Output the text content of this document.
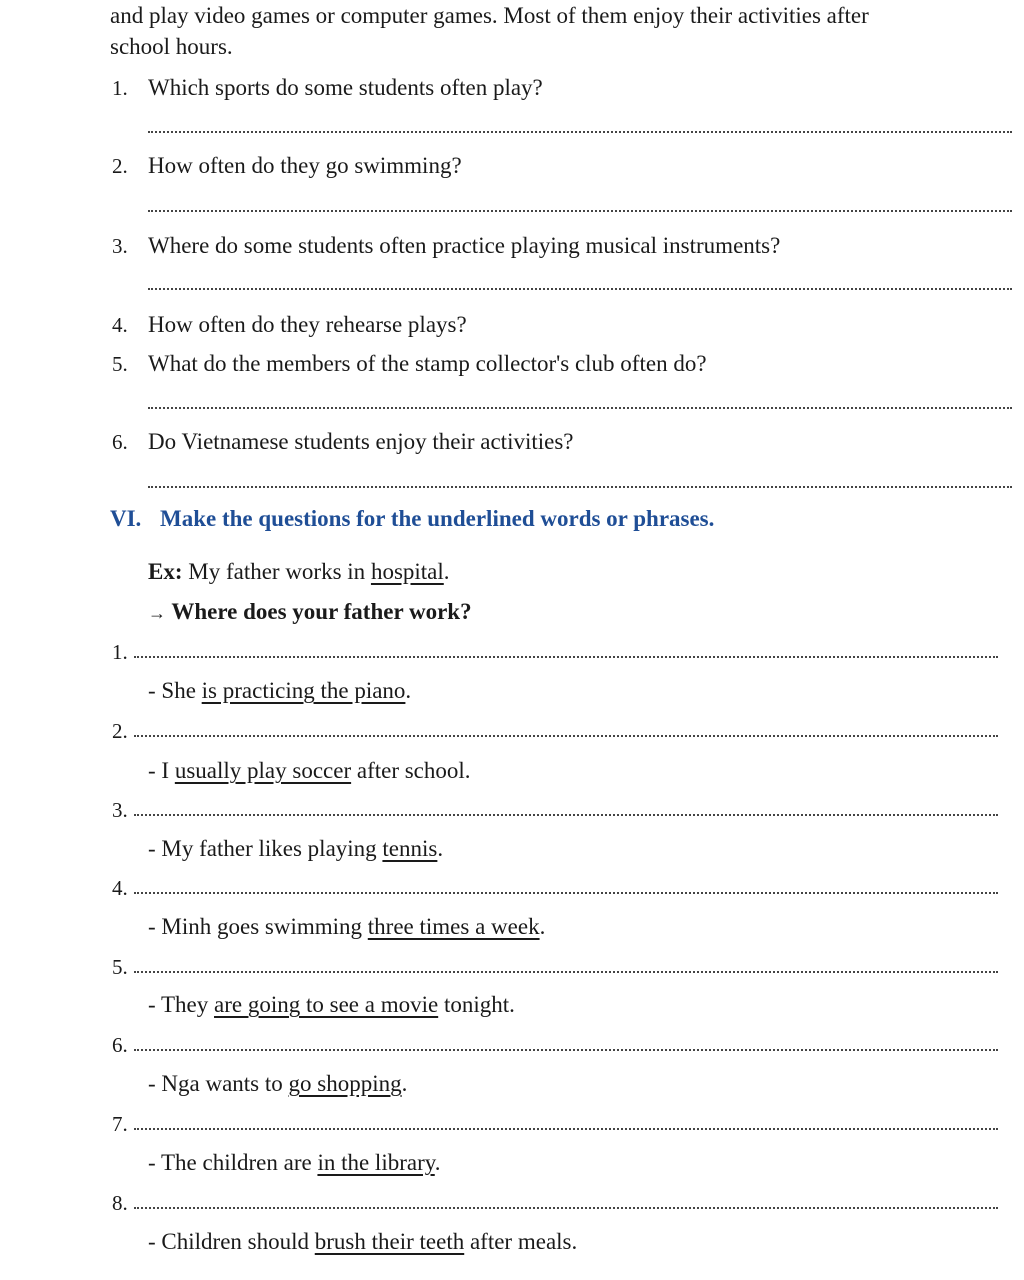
and play video games or computer games. Most of them enjoy their activities after
school hours.
1. Which sports do some students often play?
2. How often do they go swimming?
3. Where do some students often practice playing musical instruments?
4. How often do they rehearse plays?
5. What do the members of the stamp collector's club often do?
6. Do Vietnamese students enjoy their activities?
VI. Make the questions for the underlined words or phrases.
Ex: My father works in hospital.
→ Where does your father work?
1.
- She is practicing the piano.
2.
- I usually play soccer after school.
3.
- My father likes playing tennis.
4.
- Minh goes swimming three times a week.
5.
- They are going to see a movie tonight.
6.
- Nga wants to go shopping.
7.
- The children are in the library.
8.
- Children should brush their teeth after meals.
